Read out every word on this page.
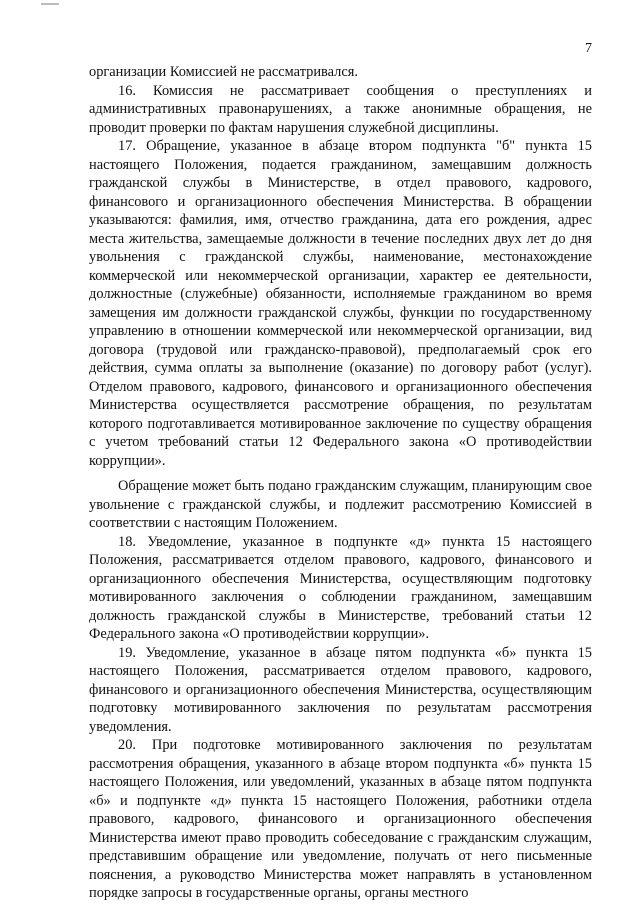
7

организации Комиссией не рассматривался.

16. Комиссия не рассматривает сообщения о преступлениях и административных правонарушениях, а также анонимные обращения, не проводит проверки по фактам нарушения служебной дисциплины.

17. Обращение, указанное в абзаце втором подпункта "б" пункта 15 настоящего Положения, подается гражданином, замещавшим должность гражданской службы в Министерстве, в отдел правового, кадрового, финансового и организационного обеспечения Министерства. В обращении указываются: фамилия, имя, отчество гражданина, дата его рождения, адрес места жительства, замещаемые должности в течение последних двух лет до дня увольнения с гражданской службы, наименование, местонахождение коммерческой или некоммерческой организации, характер ее деятельности, должностные (служебные) обязанности, исполняемые гражданином во время замещения им должности гражданской службы, функции по государственному управлению в отношении коммерческой или некоммерческой организации, вид договора (трудовой или гражданско-правовой), предполагаемый срок его действия, сумма оплаты за выполнение (оказание) по договору работ (услуг). Отделом правового, кадрового, финансового и организационного обеспечения Министерства осуществляется рассмотрение обращения, по результатам которого подготавливается мотивированное заключение по существу обращения с учетом требований статьи 12 Федерального закона «О противодействии коррупции».

Обращение может быть подано гражданским служащим, планирующим свое увольнение с гражданской службы, и подлежит рассмотрению Комиссией в соответствии с настоящим Положением.

18. Уведомление, указанное в подпункте «д» пункта 15 настоящего Положения, рассматривается отделом правового, кадрового, финансового и организационного обеспечения Министерства, осуществляющим подготовку мотивированного заключения о соблюдении гражданином, замещавшим должность гражданской службы в Министерстве, требований статьи 12 Федерального закона «О противодействии коррупции».

19. Уведомление, указанное в абзаце пятом подпункта «б» пункта 15 настоящего Положения, рассматривается отделом правового, кадрового, финансового и организационного обеспечения Министерства, осуществляющим подготовку мотивированного заключения по результатам рассмотрения уведомления.

20. При подготовке мотивированного заключения по результатам рассмотрения обращения, указанного в абзаце втором подпункта «б» пункта 15 настоящего Положения, или уведомлений, указанных в абзаце пятом подпункта «б» и подпункте «д» пункта 15 настоящего Положения, работники отдела правового, кадрового, финансового и организационного обеспечения Министерства имеют право проводить собеседование с гражданским служащим, представившим обращение или уведомление, получать от него письменные пояснения, а руководство Министерства может направлять в установленном порядке запросы в государственные органы, органы местного
